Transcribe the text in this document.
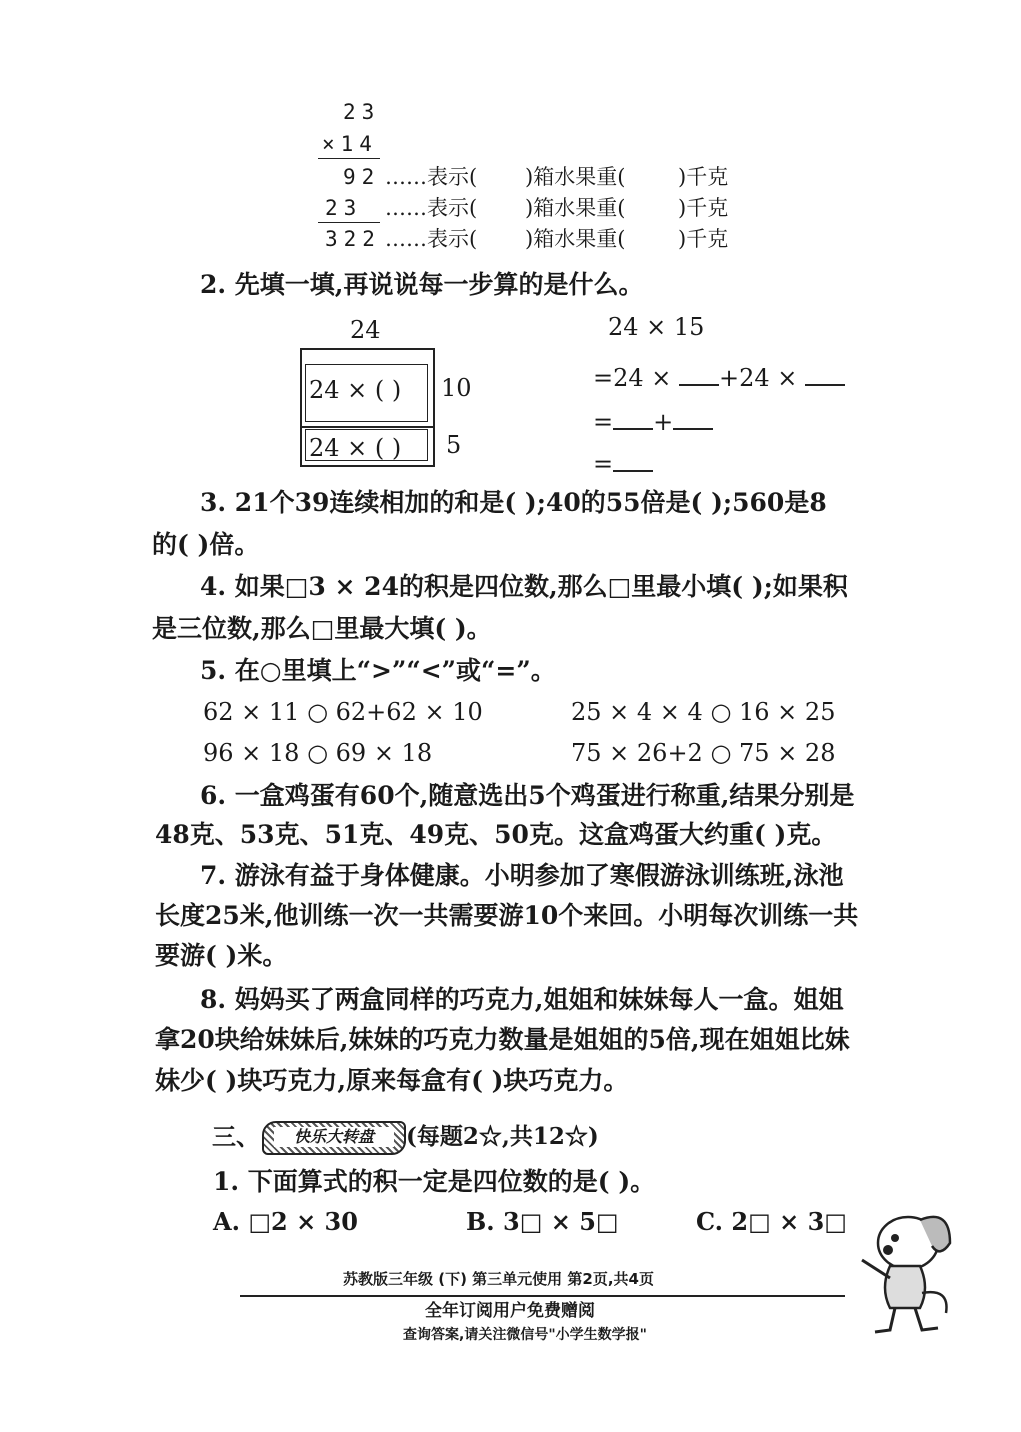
23
×14
92 ……表示( )箱水果重(	)千克
23 ……表示( )箱水果重(	)千克
322 ……表示( )箱水果重(	)千克
2. 先填一填,再说说每一步算的是什么。
24
24 × ( )
24 × ( )
10
5
24 × 15
=24 × +24 ×
= +
=
3. 21个39连续相加的和是( );40的55倍是( );560是8
的( )倍。
4. 如果□3 × 24的积是四位数,那么□里最小填( );如果积
是三位数,那么□里最大填( )。
5. 在○里填上“>”“<”或“=”。
62 × 11 ○ 62+62 × 10	25 × 4 × 4 ○ 16 × 25
96 × 18 ○ 69 × 18	75 × 26+2 ○ 75 × 28
6. 一盒鸡蛋有60个,随意选出5个鸡蛋进行称重,结果分别是
48克、53克、51克、49克、50克。这盒鸡蛋大约重( )克。
7. 游泳有益于身体健康。小明参加了寒假游泳训练班,泳池
长度25米,他训练一次一共需要游10个来回。小明每次训练一共
要游( )米。
8. 妈妈买了两盒同样的巧克力,姐姐和妹妹每人一盒。姐姐
拿20块给妹妹后,妹妹的巧克力数量是姐姐的5倍,现在姐姐比妹
妹少( )块巧克力,原来每盒有( )块巧克力。
三、	快乐大转盘	(每题2☆,共12☆)
1. 下面算式的积一定是四位数的是( )。
A. □2 × 30	B. 3□ × 5□	C. 2□ × 3□
苏教版三年级 (下) 第三单元使用 第2页,共4页
全年订阅用户免费赠阅
查询答案,请关注微信号"小学生数学报"
